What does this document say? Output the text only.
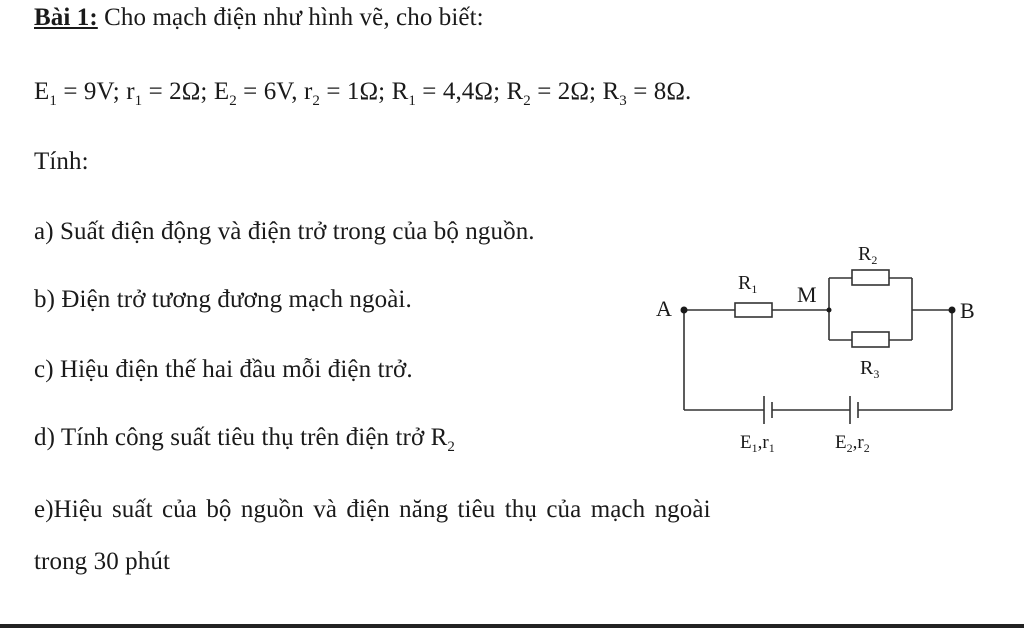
Bài 1: Cho mạch điện như hình vẽ, cho biết:
$E_1 = 9V$; $r_1 = 2\Omega$; $E_2 = 6V$, $r_2 = 1\Omega$; $R_1 = 4,4\Omega$; $R_2 = 2\Omega$; $R_3 = 8\Omega$.
Tính:
a) Suất điện động và điện trở trong của bộ nguồn.
b) Điện trở tương đương mạch ngoài.
c) Hiệu điện thế hai đầu mỗi điện trở.
d) Tính công suất tiêu thụ trên điện trở $R_2$
e)Hiệu suất của bộ nguồn và điện năng tiêu thụ của mạch ngoài
trong 30 phút
A	B
M
$R_1$
$R_2$
$R_3$
$E_1,r_1$	$E_2,r_2$
